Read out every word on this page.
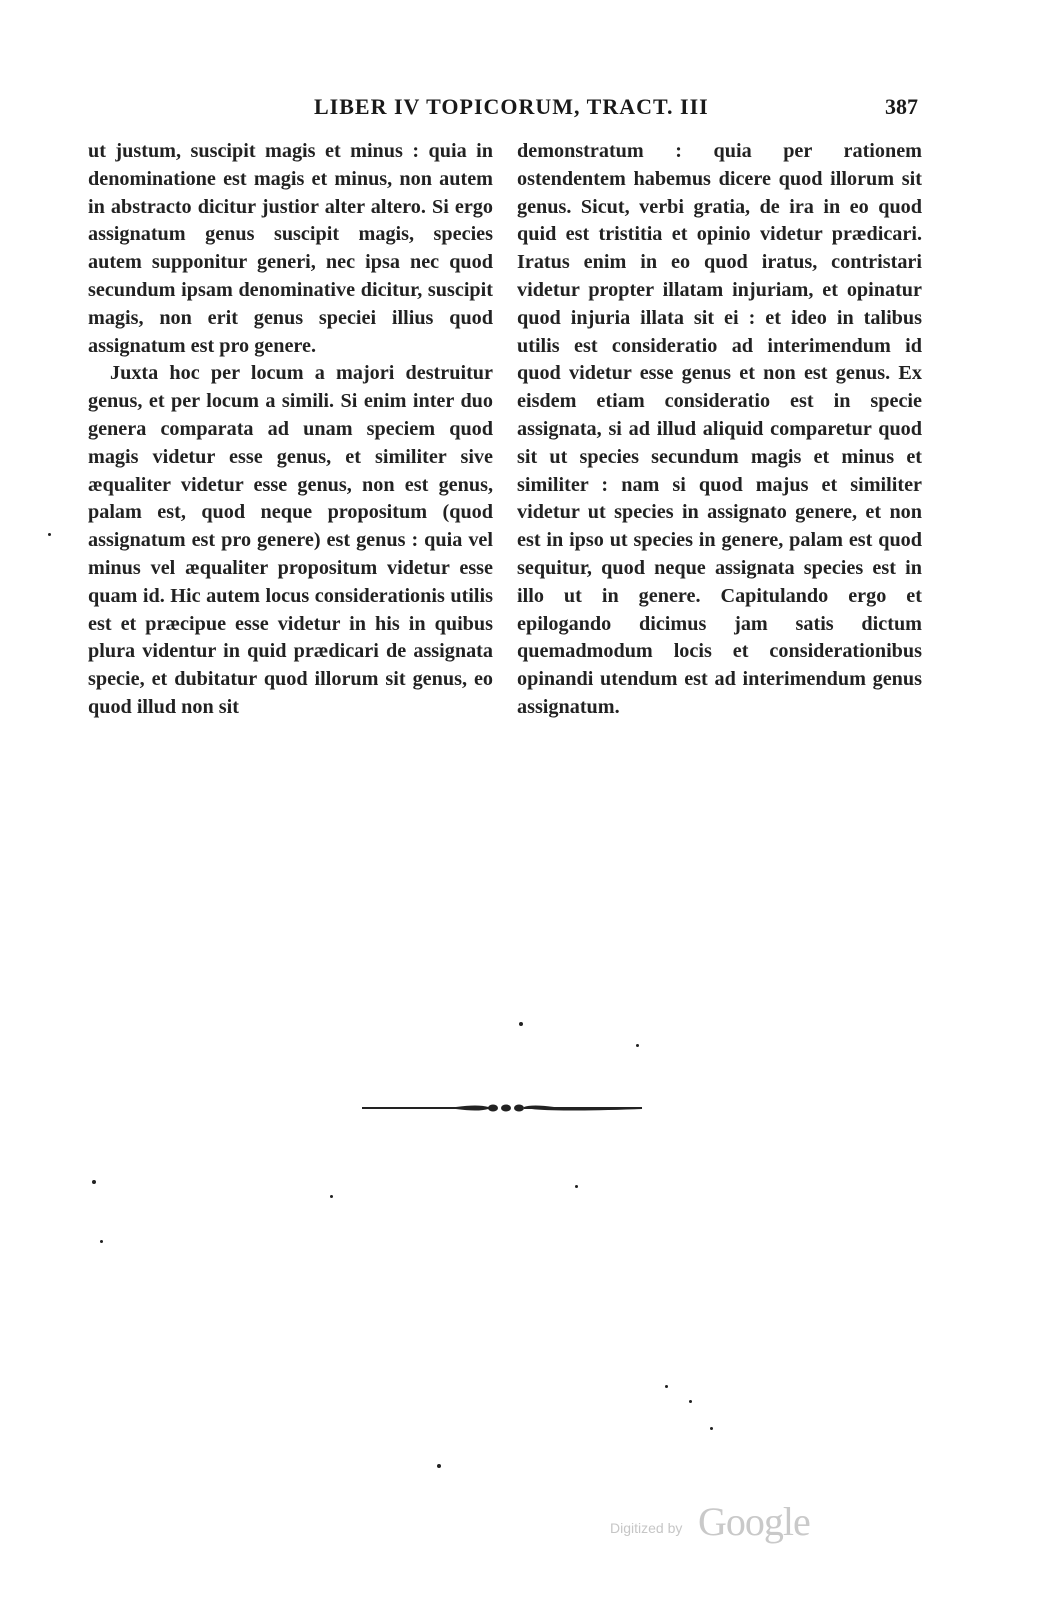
LIBER IV TOPICORUM, TRACT. III	387

ut justum, suscipit magis et minus : quia in denominatione est magis et minus, non autem in abstracto dicitur justior alter altero. Si ergo assignatum genus suscipit magis, species autem supponitur generi, nec ipsa nec quod secundum ipsam denominative dicitur, suscipit magis, non erit genus speciei illius quod assignatum est pro genere.

Juxta hoc per locum a majori destruitur genus, et per locum a simili. Si enim inter duo genera comparata ad unam speciem quod magis videtur esse genus, et similiter sive æqualiter videtur esse genus, non est genus, palam est, quod neque propositum (quod assignatum est pro genere) est genus : quia vel minus vel æqualiter propositum videtur esse quam id. Hic autem locus considerationis utilis est et præcipue esse videtur in his in quibus plura videntur in quid prædicari de assignata specie, et dubitatur quod illorum sit genus, eo quod illud non sit

demonstratum : quia per rationem ostendentem habemus dicere quod illorum sit genus. Sicut, verbi gratia, de ira in eo quod quid est tristitia et opinio videtur prædicari. Iratus enim in eo quod iratus, contristari videtur propter illatam injuriam, et opinatur quod injuria illata sit ei : et ideo in talibus utilis est consideratio ad interimendum id quod videtur esse genus et non est genus. Ex eisdem etiam consideratio est in specie assignata, si ad illud aliquid comparetur quod sit ut species secundum magis et minus et similiter : nam si quod majus et similiter videtur ut species in assignato genere, et non est in ipso ut species in genere, palam est quod sequitur, quod neque assignata species est in illo ut in genere. Capitulando ergo et epilogando dicimus jam satis dictum quemadmodum locis et considerationibus opinandi utendum est ad interimendum genus assignatum.

Digitized by Google
